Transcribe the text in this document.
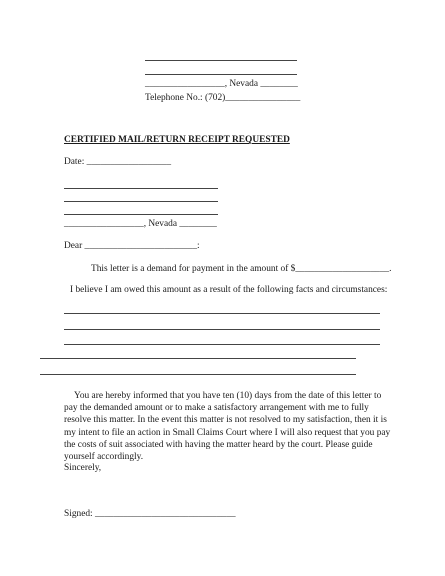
_________________, Nevada ________
Telephone No.: (702)________________
CERTIFIED MAIL/RETURN RECEIPT REQUESTED
Date: __________________
_________________, Nevada ________
Dear ________________________:
This letter is a demand for payment in the amount of $____________________.
I believe I am owed this amount as a result of the following facts and circumstances:
You are hereby informed that you have ten (10) days from the date of this letter to pay the demanded amount or to make a satisfactory arrangement with me to fully resolve this matter. In the event this matter is not resolved to my satisfaction, then it is my intent to file an action in Small Claims Court where I will also request that you pay the costs of suit associated with having the matter heard by the court. Please guide yourself accordingly.
Sincerely,
Signed: ______________________________
